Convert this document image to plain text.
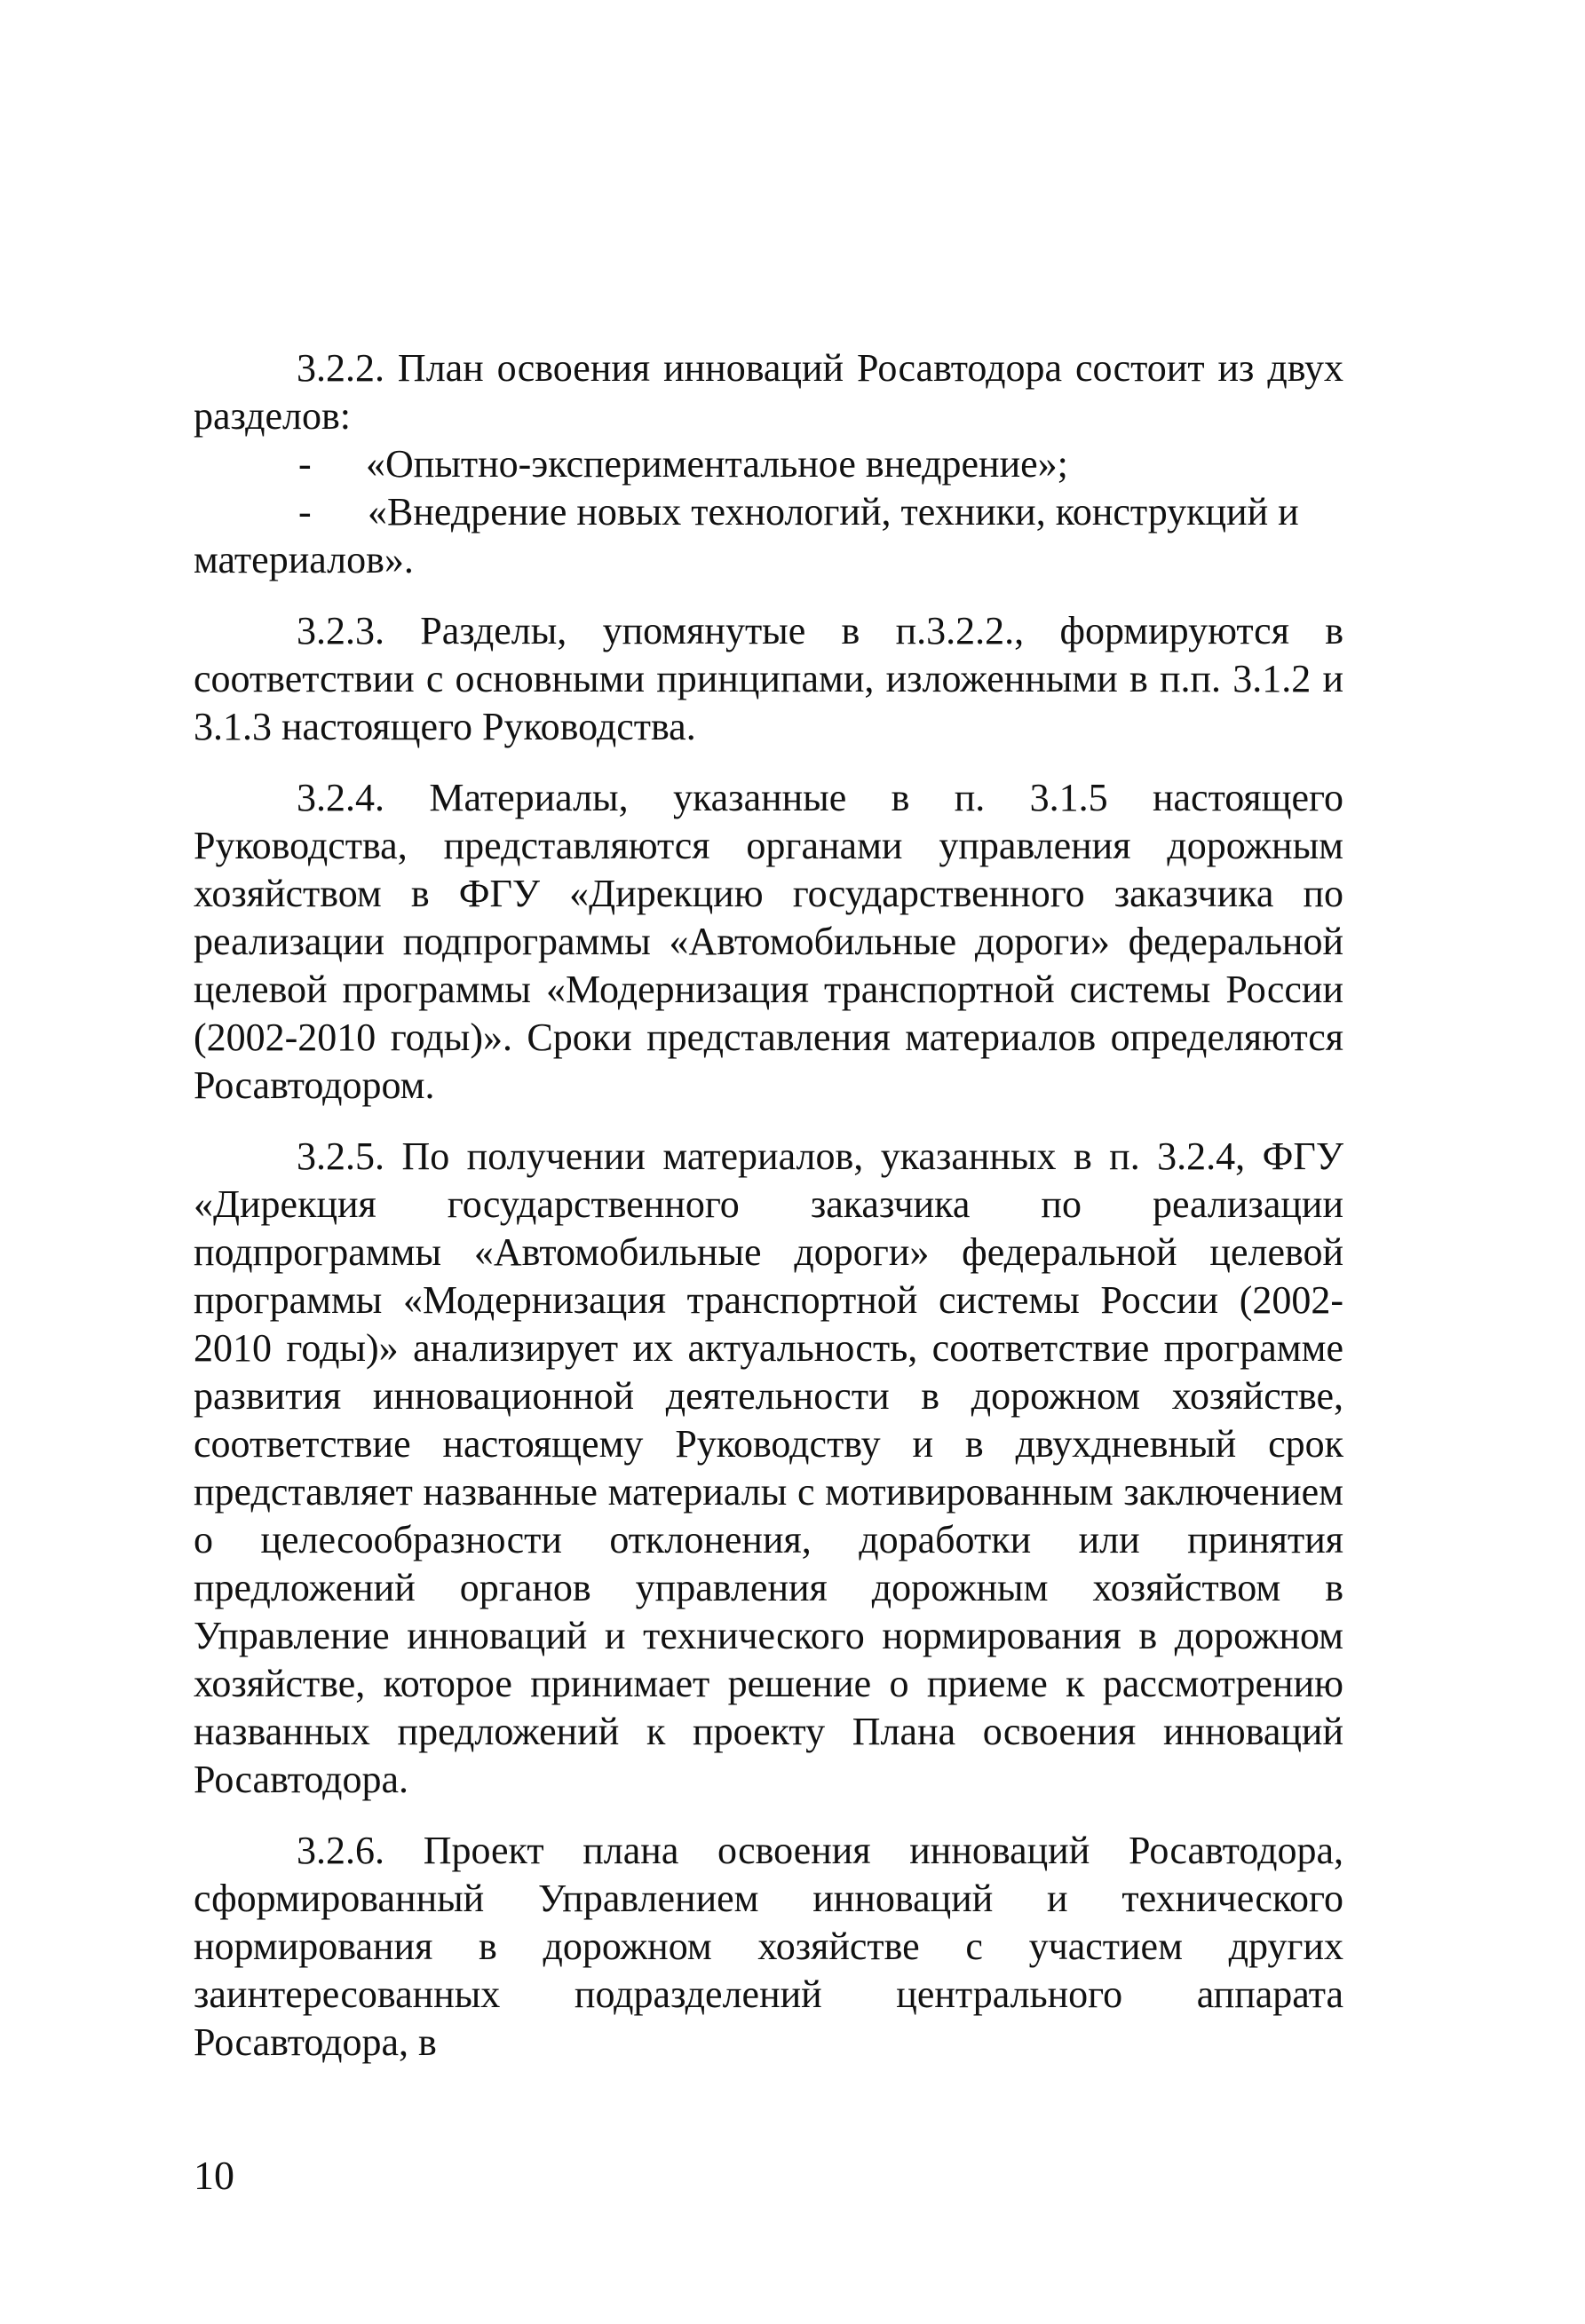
3.2.2. План освоения инноваций Росавтодора состоит из двух разделов:

-	«Опытно-экспериментальное внедрение»;

-	«Внедрение новых технологий, техники, конструкций и

материалов».

3.2.3. Разделы, упомянутые в п.3.2.2., формируются в соответствии с основными принципами, изложенными в п.п. 3.1.2 и 3.1.3 настоящего Руководства.

3.2.4. Материалы, указанные в п. 3.1.5 настоящего Руководства, представляются органами управления дорожным хозяйством в ФГУ «Дирекцию государственного заказчика по реализации подпрограммы «Автомобильные дороги» федеральной целевой программы «Модернизация транспортной системы России (2002-2010 годы)». Сроки представления материалов определяются Росавтодором.

3.2.5. По получении материалов, указанных в п. 3.2.4, ФГУ «Дирекция государственного заказчика по реализации подпрограммы «Автомобильные дороги» федеральной целевой программы «Модернизация транспортной системы России (2002-2010 годы)» анализирует их актуальность, соответствие программе развития инновационной деятельности в дорожном хозяйстве, соответствие настоящему Руководству и в двухдневный срок представляет названные материалы с мотивированным заключением о целесообразности отклонения, доработки или принятия предложений органов управления дорожным хозяйством в Управление инноваций и технического нормирования в дорожном хозяйстве, которое принимает решение о приеме к рассмотрению названных предложений к проекту Плана освоения инноваций Росавтодора.

3.2.6. Проект плана освоения инноваций Росавтодора, сформированный Управлением инноваций и технического нормирования в дорожном хозяйстве с участием других заинтересованных подразделений центрального аппарата Росавтодора, в

10
